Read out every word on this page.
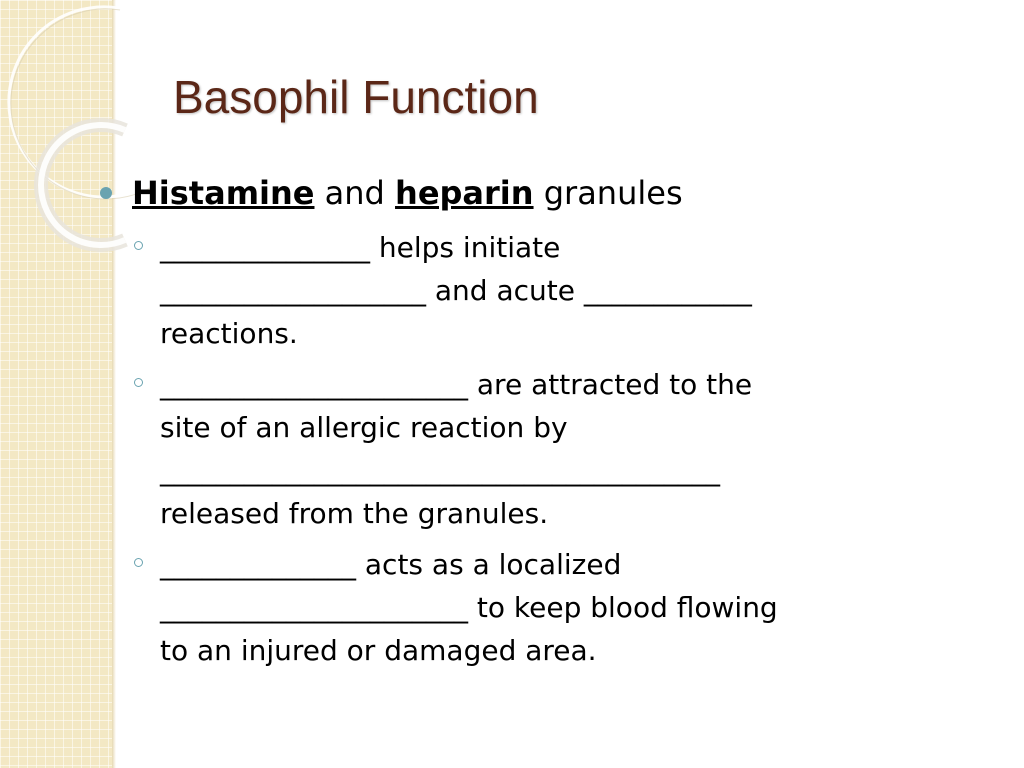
Basophil Function
Histamine
and
heparin
granules
_______________ helps initiate
___________________ and acute ____________
reactions.
______________________ are attracted to the
site of an allergic reaction by
________________________________________
released from the granules.
______________ acts as a localized
______________________ to keep blood flowing
to an injured or damaged area.
